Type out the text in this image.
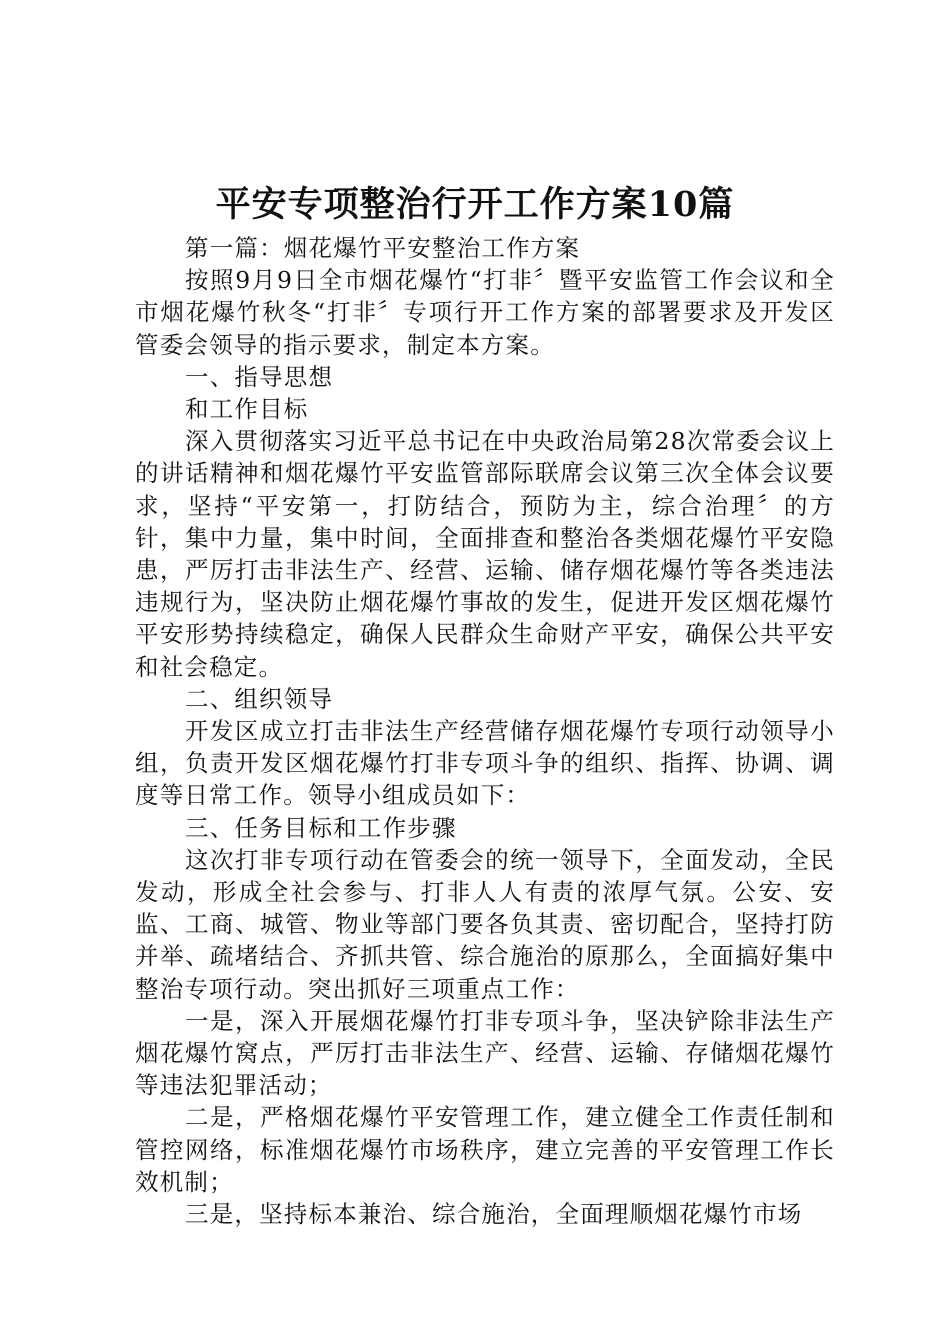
平安专项整治行开工作方案10篇

第一篇：烟花爆竹平安整治工作方案

按照9月9日全市烟花爆竹“打非〞暨平安监管工作会议和全市烟花爆竹秋冬“打非〞专项行开工作方案的部署要求及开发区管委会领导的指示要求，制定本方案。

一、指导思想

和工作目标

深入贯彻落实习近平总书记在中央政治局第28次常委会议上的讲话精神和烟花爆竹平安监管部际联席会议第三次全体会议要求，坚持“平安第一，打防结合，预防为主，综合治理〞的方针，集中力量，集中时间，全面排查和整治各类烟花爆竹平安隐患，严厉打击非法生产、经营、运输、储存烟花爆竹等各类违法违规行为，坚决防止烟花爆竹事故的发生，促进开发区烟花爆竹平安形势持续稳定，确保人民群众生命财产平安，确保公共平安和社会稳定。

二、组织领导

开发区成立打击非法生产经营储存烟花爆竹专项行动领导小组，负责开发区烟花爆竹打非专项斗争的组织、指挥、协调、调度等日常工作。领导小组成员如下：

三、任务目标和工作步骤

这次打非专项行动在管委会的统一领导下，全面发动，全民发动，形成全社会参与、打非人人有责的浓厚气氛。公安、安监、工商、城管、物业等部门要各负其责、密切配合，坚持打防并举、疏堵结合、齐抓共管、综合施治的原那么，全面搞好集中整治专项行动。突出抓好三项重点工作：

一是，深入开展烟花爆竹打非专项斗争，坚决铲除非法生产烟花爆竹窝点，严厉打击非法生产、经营、运输、存储烟花爆竹等违法犯罪活动；

二是，严格烟花爆竹平安管理工作，建立健全工作责任制和管控网络，标准烟花爆竹市场秩序，建立完善的平安管理工作长效机制；

三是，坚持标本兼治、综合施治，全面理顺烟花爆竹市场
